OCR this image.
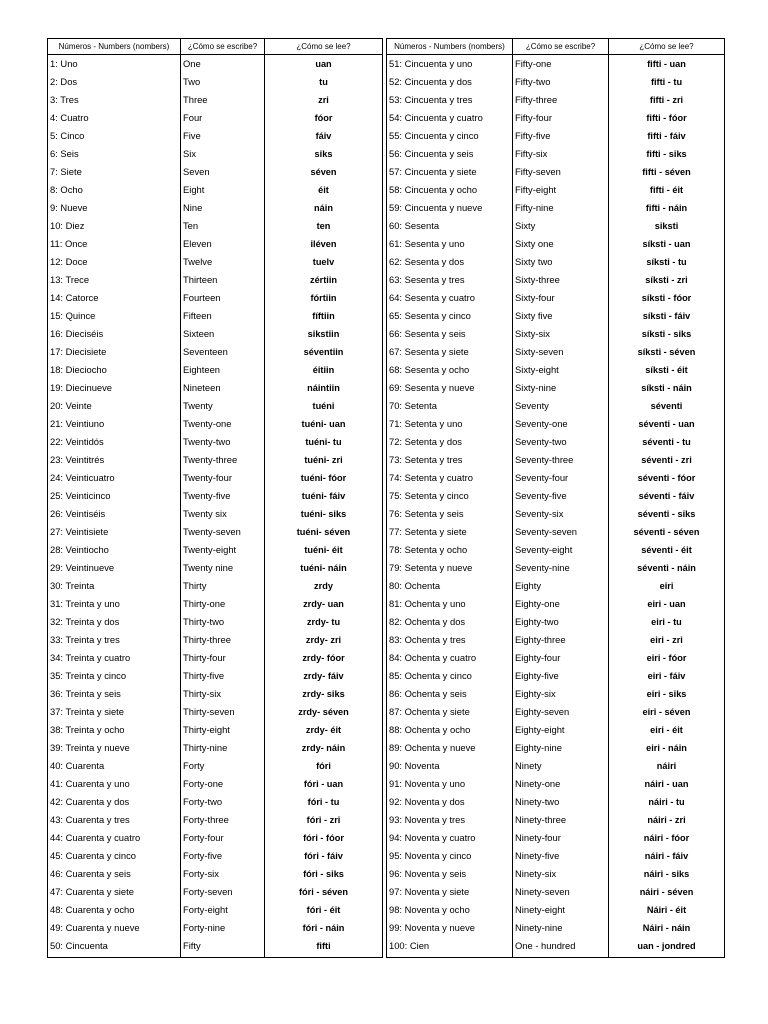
Números - Numbers (nombers)
1: Uno
2: Dos
3: Tres
4: Cuatro
5: Cinco
6: Seis
7: Siete
8: Ocho
9: Nueve
10: Diez
11: Once
12: Doce
13: Trece
14: Catorce
15: Quince
16: Dieciséis
17: Diecisiete
18: Dieciocho
19: Diecinueve
20: Veinte
21: Veintiuno
22: Veintidós
23: Veintitrés
24: Veinticuatro
25: Veinticinco
26: Veintiséis
27: Veintisiete
28: Veintiocho
29: Veintinueve
30: Treinta
31: Treinta y uno
32: Treinta y dos
33: Treinta y tres
34: Treinta y cuatro
35: Treinta y cinco
36: Treinta y seis
37: Treinta y siete
38: Treinta y ocho
39: Treinta y nueve
40: Cuarenta
41: Cuarenta y uno
42: Cuarenta y dos
43: Cuarenta y tres
44: Cuarenta y cuatro
45: Cuarenta y cinco
46: Cuarenta y seis
47: Cuarenta y siete
48: Cuarenta y ocho
49: Cuarenta y nueve
50: Cincuenta
¿Cómo se escribe?
One
Two
Three
Four
Five
Six
Seven
Eight
Nine
Ten
Eleven
Twelve
Thirteen
Fourteen
Fifteen
Sixteen
Seventeen
Eighteen
Nineteen
Twenty
Twenty-one
Twenty-two
Twenty-three
Twenty-four
Twenty-five
Twenty six
Twenty-seven
Twenty-eight
Twenty nine
Thirty
Thirty-one
Thirty-two
Thirty-three
Thirty-four
Thirty-five
Thirty-six
Thirty-seven
Thirty-eight
Thirty-nine
Forty
Forty-one
Forty-two
Forty-three
Forty-four
Forty-five
Forty-six
Forty-seven
Forty-eight
Forty-nine
Fifty
¿Cómo se lee?
uan
tu
zri
fóor
fáiv
siks
séven
éit
náin
ten
iléven
tuelv
zértiin
fórtiin
fíftiin
sikstiin
séventiin
éitiin
náintiin
tuéni
tuéni- uan
tuéni- tu
tuéni- zri
tuéni- fóor
tuéni- fáiv
tuéni- siks
tuéni- séven
tuéni- éit
tuéni- náin
zrdy
zrdy- uan
zrdy- tu
zrdy- zri
zrdy- fóor
zrdy- fáiv
zrdy- siks
zrdy- séven
zrdy- éit
zrdy- náin
fóri
fóri - uan
fóri - tu
fóri - zri
fóri - fóor
fóri - fáiv
fóri - siks
fóri - séven
fóri - éit
fóri - náin
fifti
Números - Numbers (nombers)
51: Cincuenta y uno
52: Cincuenta y dos
53: Cincuenta y tres
54: Cincuenta y cuatro
55: Cincuenta y cinco
56: Cincuenta y seis
57: Cincuenta y siete
58: Cincuenta y ocho
59: Cincuenta y nueve
60: Sesenta
61: Sesenta y uno
62: Sesenta y dos
63: Sesenta y tres
64: Sesenta y cuatro
65: Sesenta y cinco
66: Sesenta y seis
67: Sesenta y siete
68: Sesenta y ocho
69: Sesenta y nueve
70: Setenta
71: Setenta y uno
72: Setenta y dos
73: Setenta y tres
74: Setenta y cuatro
75: Setenta y cinco
76: Setenta y seis
77: Setenta y siete
78: Setenta y ocho
79: Setenta y nueve
80: Ochenta
81: Ochenta y uno
82: Ochenta y dos
83: Ochenta y tres
84: Ochenta y cuatro
85: Ochenta y cinco
86: Ochenta y seis
87: Ochenta y siete
88: Ochenta y ocho
89: Ochenta y nueve
90: Noventa
91: Noventa y uno
92: Noventa y dos
93: Noventa y tres
94: Noventa y cuatro
95: Noventa y cinco
96: Noventa y seis
97: Noventa y siete
98: Noventa y ocho
99: Noventa y nueve
100: Cien
¿Cómo se escribe?
Fifty-one
Fifty-two
Fifty-three
Fifty-four
Fifty-five
Fifty-six
Fifty-seven
Fifty-eight
Fifty-nine
Sixty
Sixty one
Sixty two
Sixty-three
Sixty-four
Sixty five
Sixty-six
Sixty-seven
Sixty-eight
Sixty-nine
Seventy
Seventy-one
Seventy-two
Seventy-three
Seventy-four
Seventy-five
Seventy-six
Seventy-seven
Seventy-eight
Seventy-nine
Eighty
Eighty-one
Eighty-two
Eighty-three
Eighty-four
Eighty-five
Eighty-six
Eighty-seven
Eighty-eight
Eighty-nine
Ninety
Ninety-one
Ninety-two
Ninety-three
Ninety-four
Ninety-five
Ninety-six
Ninety-seven
Ninety-eight
Ninety-nine
One - hundred
¿Cómo se lee?
fifti - uan
fifti - tu
fifti - zri
fifti - fóor
fifti - fáiv
fifti - siks
fifti - séven
fifti - éit
fifti - náin
siksti
síksti - uan
síksti - tu
síksti - zri
síksti - fóor
síksti - fáiv
síksti - siks
síksti - séven
síksti - éit
síksti - náin
séventi
séventi - uan
séventi - tu
séventi - zri
séventi - fóor
séventi - fáiv
séventi - siks
séventi - séven
séventi - éit
séventi - náin
eiri
eiri - uan
eiri - tu
eiri - zri
eiri - fóor
eiri - fáiv
eiri - siks
eiri - séven
eiri - éit
eiri - náin
náiri
náiri - uan
náiri - tu
náiri - zri
náiri - fóor
náiri - fáiv
náiri - siks
náiri - séven
Náiri - éit
Náiri - náin
uan - jondred
